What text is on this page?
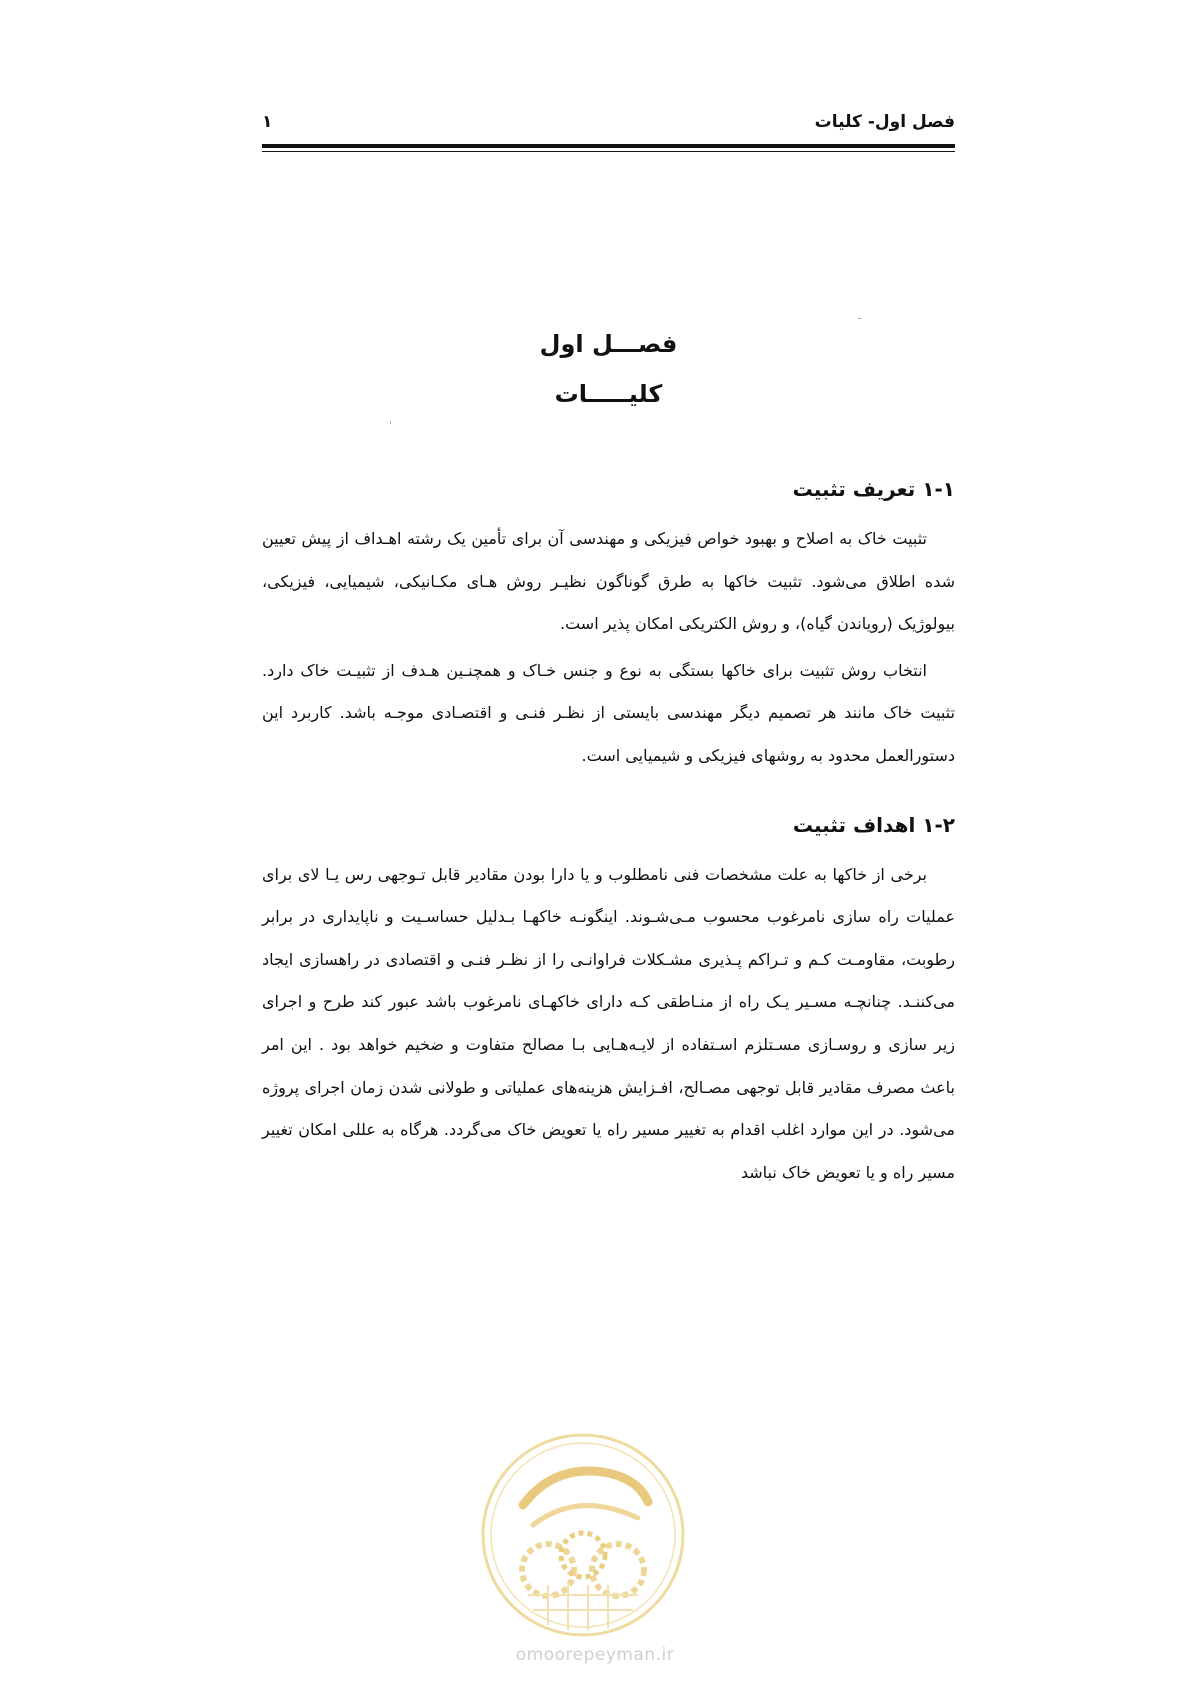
فصل اول- کلیات
۱
فصـــل اول
کلیـــــات
۱-۱ تعریف تثبیت

تثبیت خاک به اصلاح و بهبود خواص فیزیکی و مهندسی آن برای تأمین یک رشته اهـداف از پیش تعیین شده اطلاق می‌شود. تثبیت خاکها به طرق گوناگون نظیـر روش هـای مکـانیکی، شیمیایی، فیزیکی، بیولوژیک (رویاندن گیاه)، و روش الکتریکی امکان پذیر است.

انتخاب روش تثبیت برای خاکها بستگی به نوع و جنس خـاک و همچنـین هـدف از تثبیـت خاک دارد. تثبیت خاک مانند هر تصمیم دیگر مهندسی بایستی از نظـر فنـی و اقتصـادی موجـه باشد. کاربرد این دستورالعمل محدود به روشهای فیزیکی و شیمیایی است.

۱-۲ اهداف تثبیت

برخی از خاکها به علت مشخصات فنی نامطلوب و یا دارا بودن مقادیر قابل تـوجهی رس یـا لای برای عملیات راه سازی نامرغوب محسوب مـی‌شـوند. اینگونـه خاکهـا بـدلیل حساسـیت و ناپایداری در برابر رطوبت، مقاومـت کـم و تـراکم پـذیری مشـکلات فراوانـی را از نظـر فنـی و اقتصادی در راهسازی ایجاد می‌کننـد. چنانچـه مسـیر یـک راه از منـاطقی کـه دارای خاکهـای نامرغوب باشد عبور کند طرح و اجرای زیر سازی و روسـازی مسـتلزم اسـتفاده از لایـه‌هـایی بـا مصالح متفاوت و ضخیم خواهد بود . این امر باعث مصرف مقادیر قابل توجهی مصـالح، افـزایش هزینه‌های عملیاتی و طولانی شدن زمان اجرای پروژه می‌شود. در این موارد اغلب اقدام به تغییر مسیر راه یا تعویض خاک می‌گردد. هرگاه به عللی امکان تغییر مسیر راه و یا تعویض خاک نباشد

omoorepeyman.ir
